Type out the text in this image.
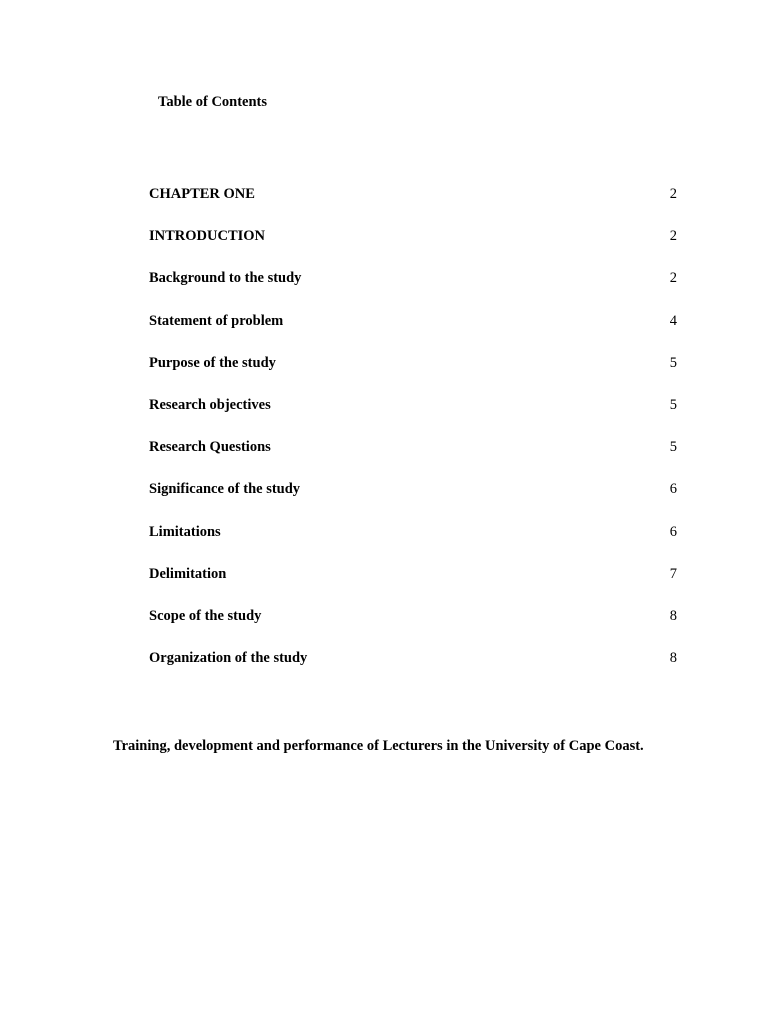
Table of Contents
CHAPTER ONE	2
INTRODUCTION	2
Background to the study	2
Statement of problem	4
Purpose of the study	5
Research objectives	5
Research Questions	5
Significance of the study	6
Limitations	6
Delimitation	7
Scope of the study	8
Organization of the study	8
Training, development and performance of Lecturers in the University of Cape Coast.
